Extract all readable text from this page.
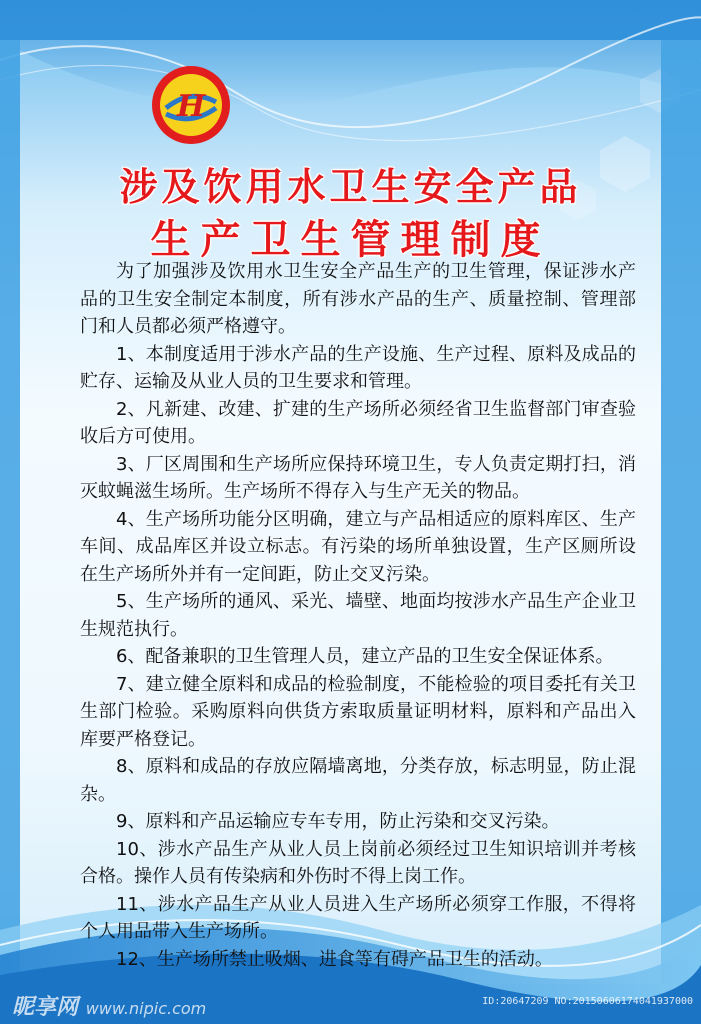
H
涉及饮用水卫生安全产品
生产卫生管理制度

为了加强涉及饮用水卫生安全产品生产的卫生管理，保证涉水产品的卫生安全制定本制度，所有涉水产品的生产、质量控制、管理部门和人员都必须严格遵守。

1、本制度适用于涉水产品的生产设施、生产过程、原料及成品的贮存、运输及从业人员的卫生要求和管理。

2、凡新建、改建、扩建的生产场所必须经省卫生监督部门审查验收后方可使用。

3、厂区周围和生产场所应保持环境卫生，专人负责定期打扫，消灭蚊蝇滋生场所。生产场所不得存入与生产无关的物品。

4、生产场所功能分区明确，建立与产品相适应的原料库区、生产车间、成品库区并设立标志。有污染的场所单独设置，生产区厕所设在生产场所外并有一定间距，防止交叉污染。

5、生产场所的通风、采光、墙壁、地面均按涉水产品生产企业卫生规范执行。

6、配备兼职的卫生管理人员，建立产品的卫生安全保证体系。

7、建立健全原料和成品的检验制度，不能检验的项目委托有关卫生部门检验。采购原料向供货方索取质量证明材料，原料和产品出入库要严格登记。

8、原料和成品的存放应隔墙离地，分类存放，标志明显，防止混杂。

9、原料和产品运输应专车专用，防止污染和交叉污染。

10、涉水产品生产从业人员上岗前必须经过卫生知识培训并考核合格。操作人员有传染病和外伤时不得上岗工作。

11、涉水产品生产从业人员进入生产场所必须穿工作服，不得将个人用品带入生产场所。

12、生产场所禁止吸烟、进食等有碍产品卫生的活动。

昵享网 www.nipic.com	ID:20647209 NO:20150606174041937000
